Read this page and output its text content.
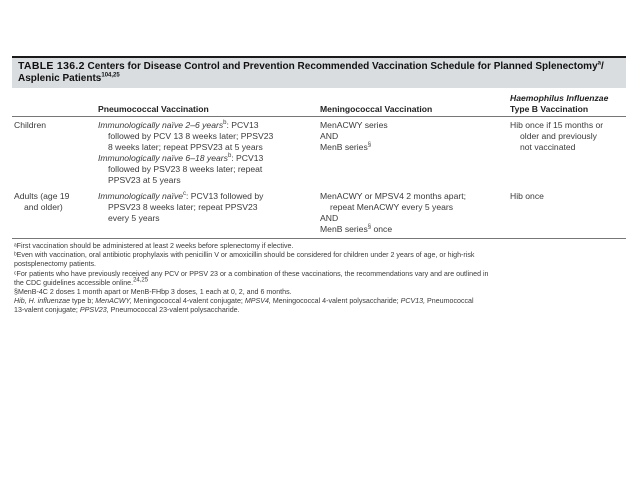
TABLE 136.2 Centers for Disease Control and Prevention Recommended Vaccination Schedule for Planned Splenectomy$^a$/
Asplenic Patients$^{104,25}$
Pneumococcal Vaccination	Meningococcal Vaccination
Haemophilus Influenzae
Type B Vaccination
Children	Immunologically naïve 2–6 years$^b$: PCV13
followed by PCV 13 8 weeks later; PPSV23
8 weeks later; repeat PPSV23 at 5 years
Immunologically naïve 6–18 years$^b$: PCV13
followed by PSV23 8 weeks later; repeat
PPSV23 at 5 years
MenACWY series
AND
MenB series§
Hib once if 15 months or
older and previously
not vaccinated
Adults (age 19
and older)
Immunologically naïve$^c$: PCV13 followed by
PPSV23 8 weeks later; repeat PPSV23
every 5 years
MenACWY or MPSV4 2 months apart;
repeat MenACWY every 5 years
AND
MenB series§ once
Hib once
ᵃFirst vaccination should be administered at least 2 weeks before splenectomy if elective.
ᵇEven with vaccination, oral antibiotic prophylaxis with penicillin V or amoxicillin should be considered for children under 2 years of age, or high-risk
postsplenectomy patients.
ᶜFor patients who have previously received any PCV or PPSV 23 or a combination of these vaccinations, the recommendations vary and are outlined in
the CDC guidelines accessible online.$^{24,25}$
§MenB-4C 2 doses 1 month apart or MenB-FHbp 3 doses, 1 each at 0, 2, and 6 months.
Hib, H. influenzae type b; MenACWY, Meningococcal 4-valent conjugate; MPSV4, Meningococcal 4-valent polysaccharide; PCV13, Pneumococcal
13-valent conjugate; PPSV23, Pneumococcal 23-valent polysaccharide.
